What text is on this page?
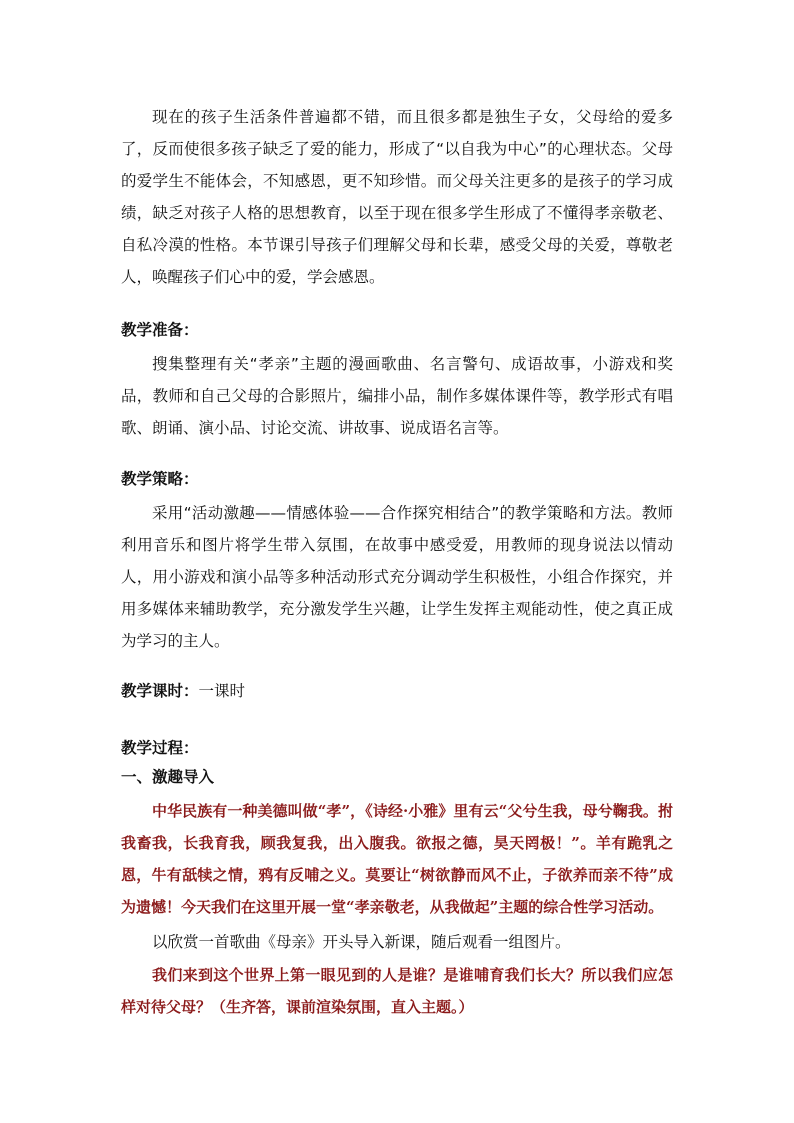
现在的孩子生活条件普遍都不错，而且很多都是独生子女，父母给的爱多了，反而使很多孩子缺乏了爱的能力，形成了“以自我为中心”的心理状态。父母的爱学生不能体会，不知感恩，更不知珍惜。而父母关注更多的是孩子的学习成绩，缺乏对孩子人格的思想教育，以至于现在很多学生形成了不懂得孝亲敬老、自私冷漠的性格。本节课引导孩子们理解父母和长辈，感受父母的关爱，尊敬老人，唤醒孩子们心中的爱，学会感恩。

教学准备：

搜集整理有关“孝亲”主题的漫画歌曲、名言警句、成语故事，小游戏和奖品，教师和自己父母的合影照片，编排小品，制作多媒体课件等，教学形式有唱歌、朗诵、演小品、讨论交流、讲故事、说成语名言等。

教学策略：

采用“活动激趣——情感体验——合作探究相结合”的教学策略和方法。教师利用音乐和图片将学生带入氛围，在故事中感受爱，用教师的现身说法以情动人，用小游戏和演小品等多种活动形式充分调动学生积极性，小组合作探究，并用多媒体来辅助教学，充分激发学生兴趣，让学生发挥主观能动性，使之真正成为学习的主人。

教学课时：一课时

教学过程：

一、激趣导入

中华民族有一种美德叫做“孝”，《诗经·小雅》里有云“父兮生我，母兮鞠我。拊我畜我，长我育我，顾我复我，出入腹我。欲报之德，昊天罔极！”。羊有跪乳之恩，牛有舐犊之情，鸦有反哺之义。莫要让“树欲静而风不止，子欲养而亲不待”成为遗憾！今天我们在这里开展一堂“孝亲敬老，从我做起”主题的综合性学习活动。

以欣赏一首歌曲《母亲》开头导入新课，随后观看一组图片。

我们来到这个世界上第一眼见到的人是谁？是谁哺育我们长大？所以我们应怎样对待父母？（生齐答，课前渲染氛围，直入主题。）
